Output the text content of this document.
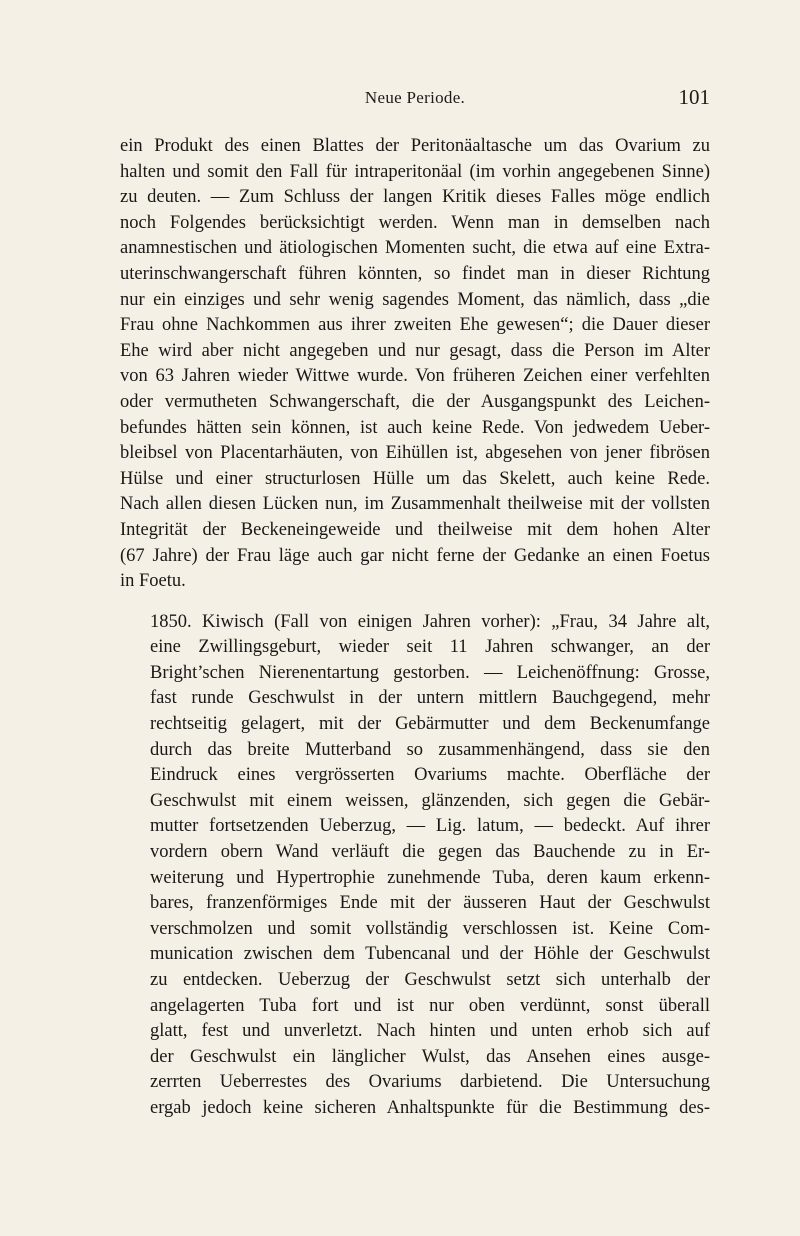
Neue Periode.	101

ein Produkt des einen Blattes der Peritonäaltasche um das Ovarium zu
halten und somit den Fall für intraperitonäal (im vorhin angegebenen Sinne)
zu deuten. — Zum Schluss der langen Kritik dieses Falles möge endlich
noch Folgendes berücksichtigt werden. Wenn man in demselben nach
anamnestischen und ätiologischen Momenten sucht, die etwa auf eine Extra-
uterinschwangerschaft führen könnten, so findet man in dieser Richtung
nur ein einziges und sehr wenig sagendes Moment, das nämlich, dass „die
Frau ohne Nachkommen aus ihrer zweiten Ehe gewesen“; die Dauer dieser
Ehe wird aber nicht angegeben und nur gesagt, dass die Person im Alter
von 63 Jahren wieder Wittwe wurde. Von früheren Zeichen einer verfehlten
oder vermutheten Schwangerschaft, die der Ausgangspunkt des Leichen-
befundes hätten sein können, ist auch keine Rede. Von jedwedem Ueber-
bleibsel von Placentarhäuten, von Eihüllen ist, abgesehen von jener fibrösen
Hülse und einer structurlosen Hülle um das Skelett, auch keine Rede.
Nach allen diesen Lücken nun, im Zusammenhalt theilweise mit der vollsten
Integrität der Beckeneingeweide und theilweise mit dem hohen Alter
(67 Jahre) der Frau läge auch gar nicht ferne der Gedanke an einen Foetus
in Foetu.

1850. Kiwisch (Fall von einigen Jahren vorher): „Frau, 34 Jahre alt,
eine Zwillingsgeburt, wieder seit 11 Jahren schwanger, an der
Bright’schen Nierenentartung gestorben. — Leichenöffnung: Grosse,
fast runde Geschwulst in der untern mittlern Bauchgegend, mehr
rechtseitig gelagert, mit der Gebärmutter und dem Beckenumfange
durch das breite Mutterband so zusammenhängend, dass sie den
Eindruck eines vergrösserten Ovariums machte. Oberfläche der
Geschwulst mit einem weissen, glänzenden, sich gegen die Gebär-
mutter fortsetzenden Ueberzug, — Lig. latum, — bedeckt. Auf ihrer
vordern obern Wand verläuft die gegen das Bauchende zu in Er-
weiterung und Hypertrophie zunehmende Tuba, deren kaum erkenn-
bares, franzenförmiges Ende mit der äusseren Haut der Geschwulst
verschmolzen und somit vollständig verschlossen ist. Keine Com-
munication zwischen dem Tubencanal und der Höhle der Geschwulst
zu entdecken. Ueberzug der Geschwulst setzt sich unterhalb der
angelagerten Tuba fort und ist nur oben verdünnt, sonst überall
glatt, fest und unverletzt. Nach hinten und unten erhob sich auf
der Geschwulst ein länglicher Wulst, das Ansehen eines ausge-
zerrten Ueberrestes des Ovariums darbietend. Die Untersuchung
ergab jedoch keine sicheren Anhaltspunkte für die Bestimmung des-
